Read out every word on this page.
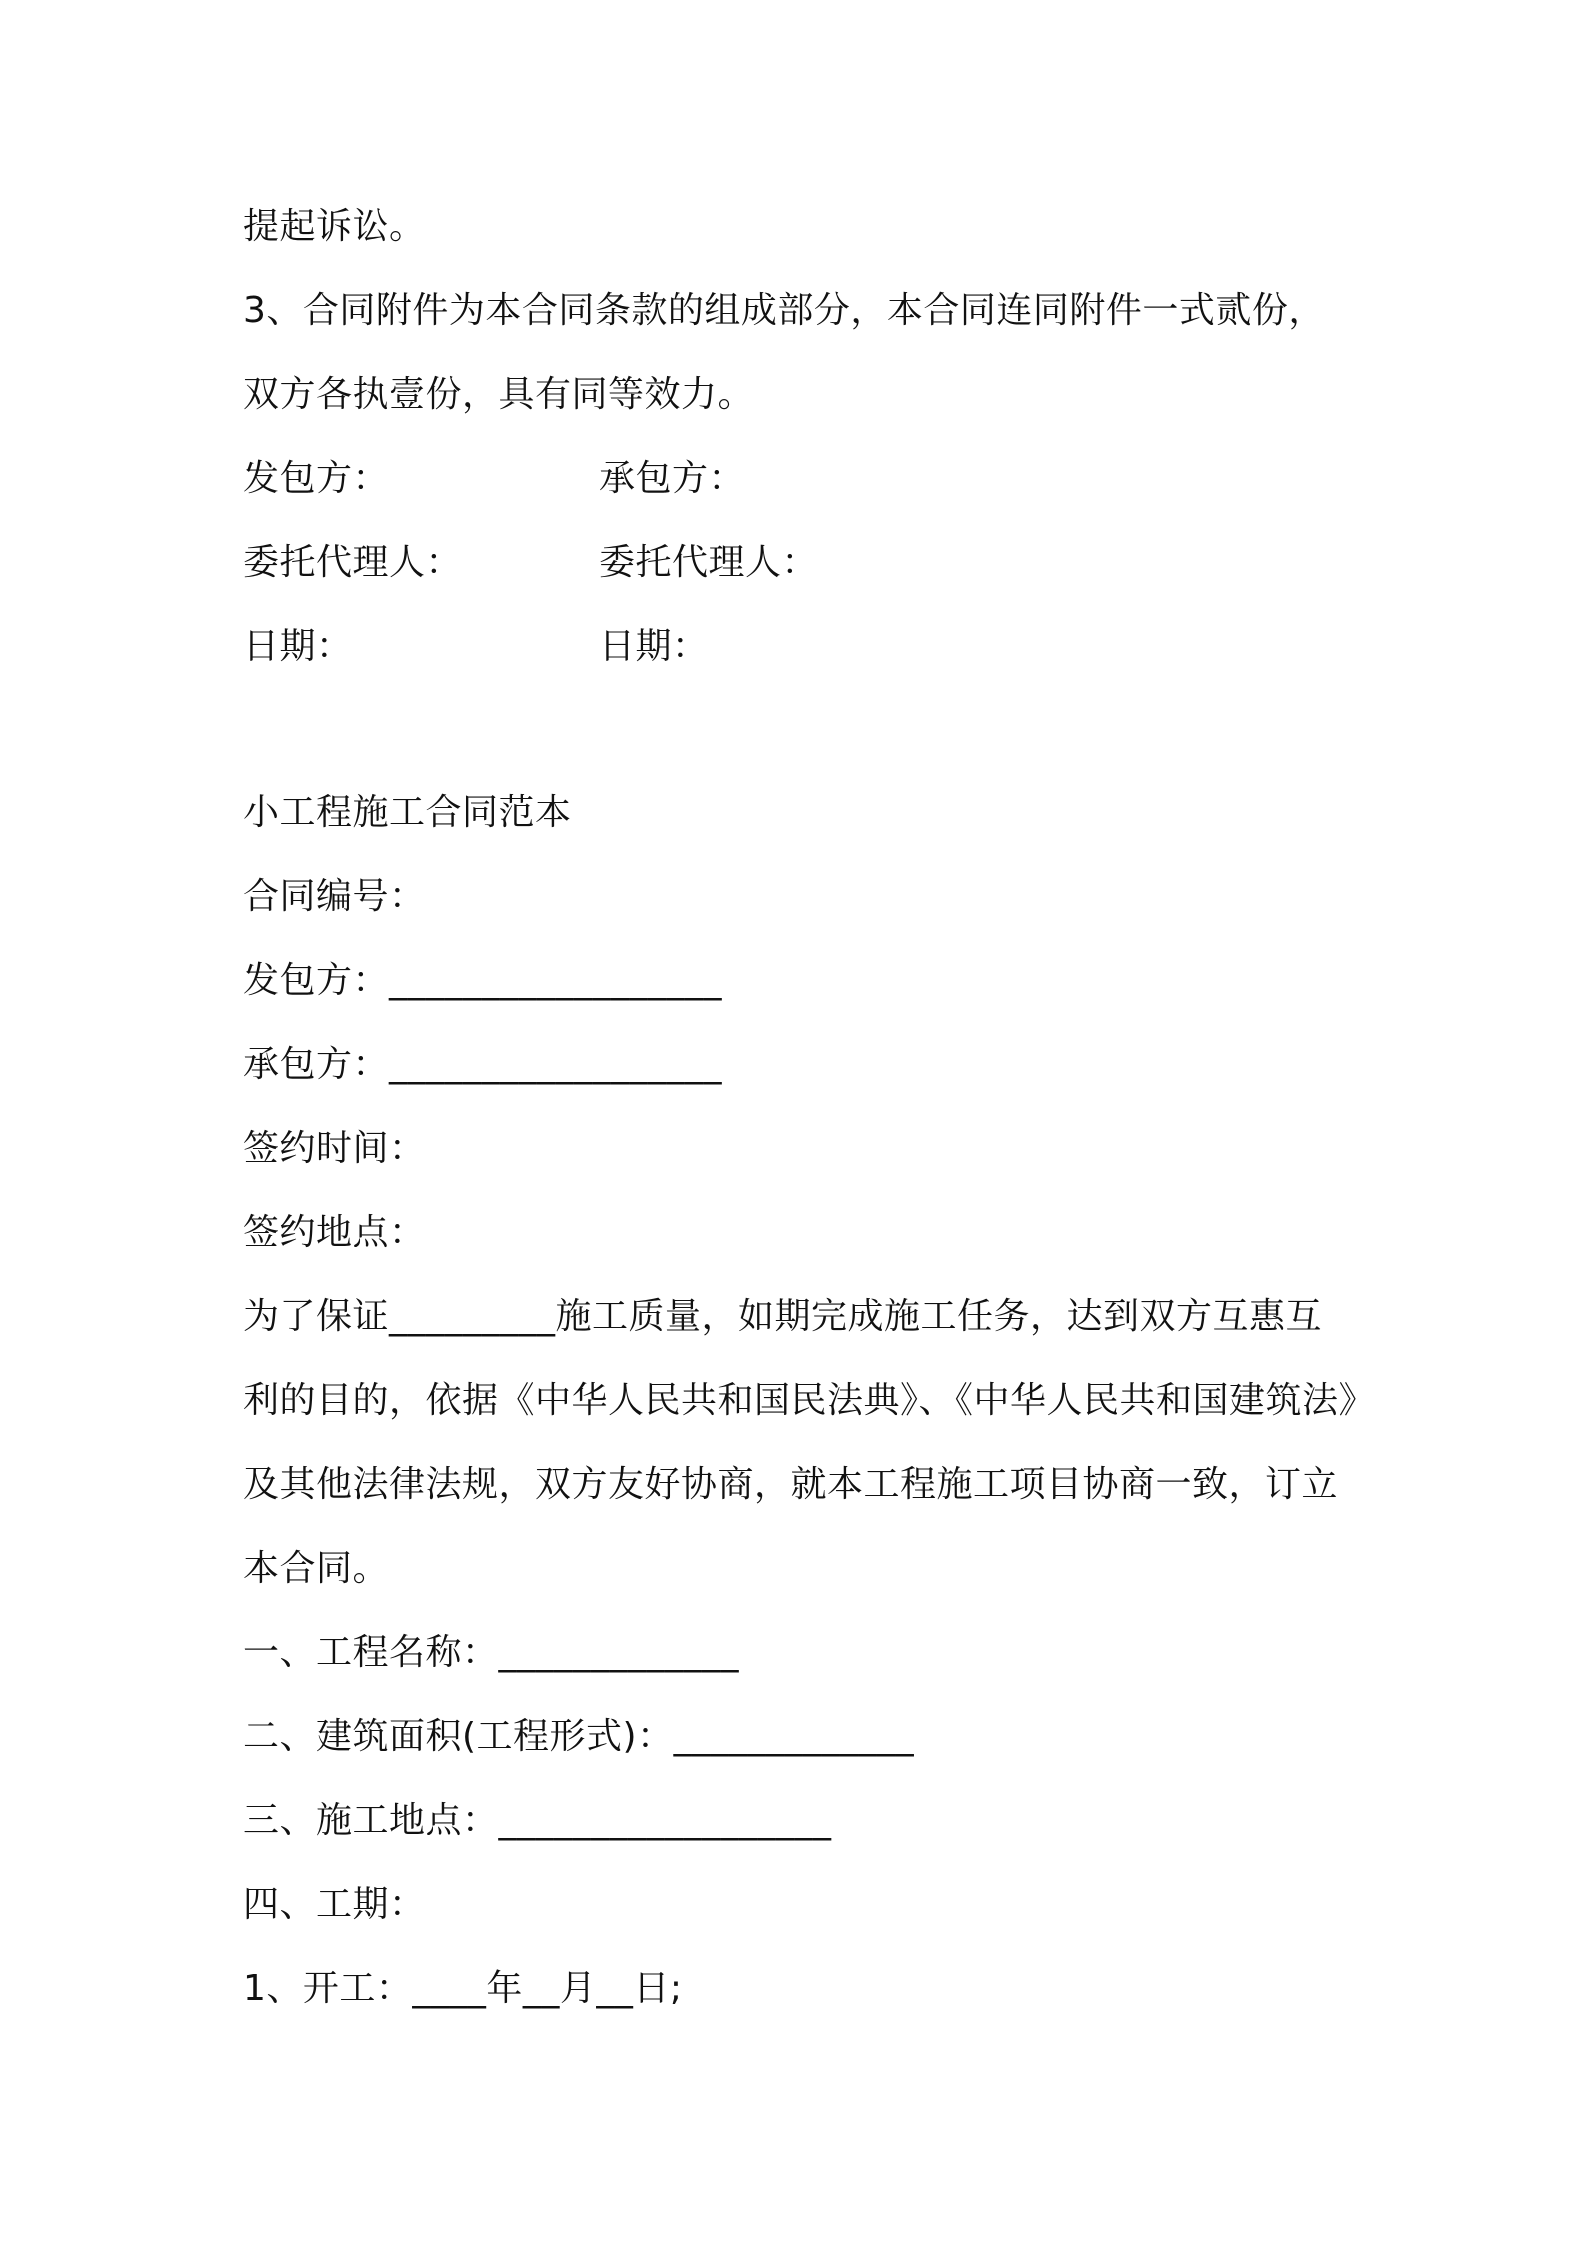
提起诉讼。

3、合同附件为本合同条款的组成部分，本合同连同附件一式贰份，

双方各执壹份，具有同等效力。

发包方：	承包方：

委托代理人：	委托代理人：

日期：	日期：

小工程施工合同范本

合同编号：

发包方：__________________

承包方：__________________

签约时间：

签约地点：

为了保证_________施工质量，如期完成施工任务，达到双方互惠互

利的目的，依据《中华人民共和国民法典》、《中华人民共和国建筑法》

及其他法律法规，双方友好协商，就本工程施工项目协商一致，订立

本合同。

一、工程名称：_____________

二、建筑面积(工程形式)：_____________

三、施工地点：__________________

四、工期：

1、开工：____年__月__日;
